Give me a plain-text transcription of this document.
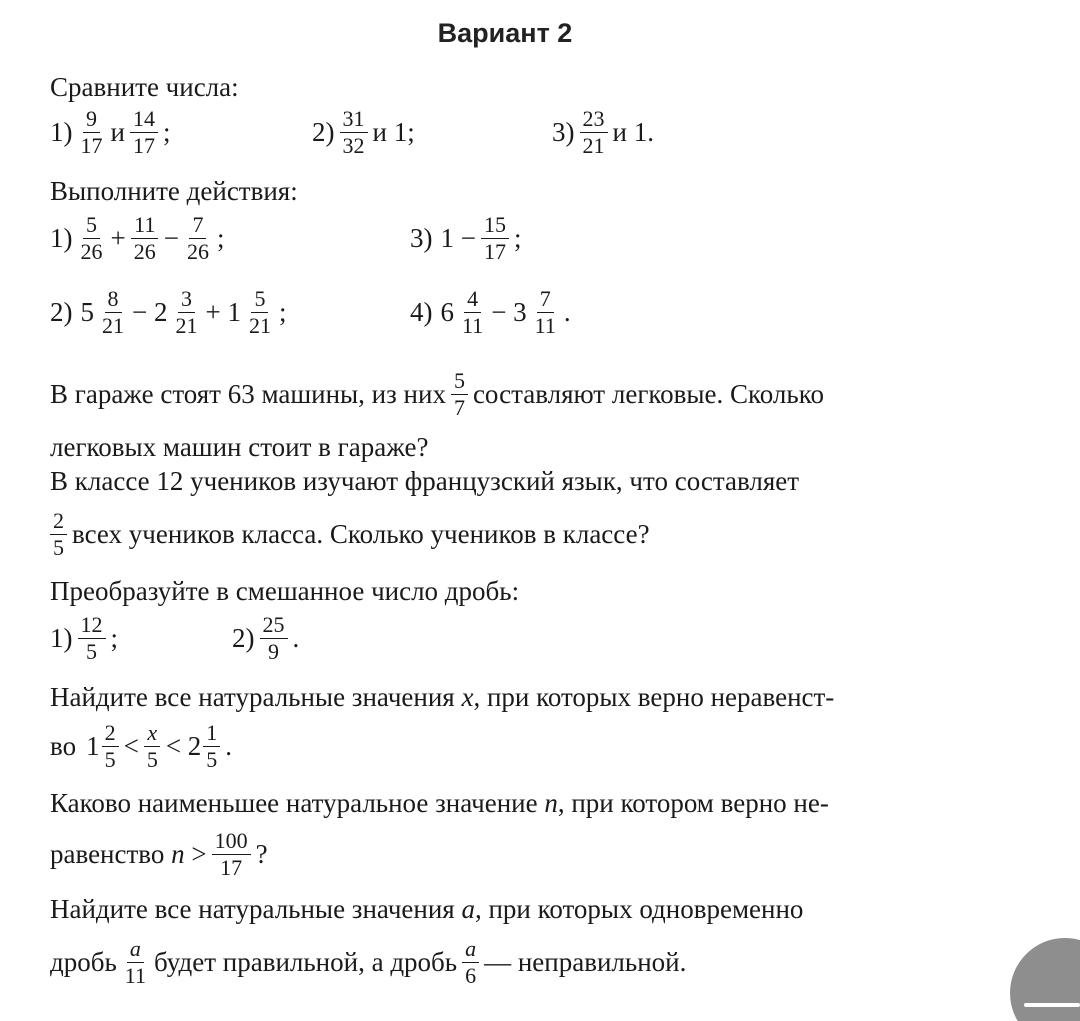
Вариант 2
Сравните числа:
$1) \frac{9}{17}$ и $\frac{14}{17}$ ;	$2) \frac{31}{32}$ и 1;	$3) \frac{23}{21}$ и 1.
Выполните действия:
$1) \frac{5}{26} + \frac{11}{26} - \frac{7}{26}$ ;	3) $1 - \frac{15}{17}$ ;
2) $5 \frac{8}{21} - 2 \frac{3}{21} + 1 \frac{5}{21}$ ;	4) $6 \frac{4}{11} - 3 \frac{7}{11}$ .
В гараже стоят 63 машины, из них $\frac{5}{7}$ составляют легковые. Сколько
легковых машин стоит в гараже?
В классе 12 учеников изучают французский язык, что составляет
$\frac{2}{5}$ всех учеников класса. Сколько учеников в классе?
Преобразуйте в смешанное число дробь:
$1) \frac{12}{5}$ ;	$2) \frac{25}{9}$ .
Найдите все натуральные значения
x , при которых верно неравенст-
во $1 \frac{2}{5} < \frac{x}{5} < 2 \frac{1}{5}$ .
Каково наименьшее натуральное значение
n , при котором верно не-
равенство
n
> $\frac{100}{17}$ ?
Найдите все натуральные значения
a , при которых одновременно
дробь $\frac{a}{11}$ будет правильной, а дробь $\frac{a}{6}$ — неправильной.
